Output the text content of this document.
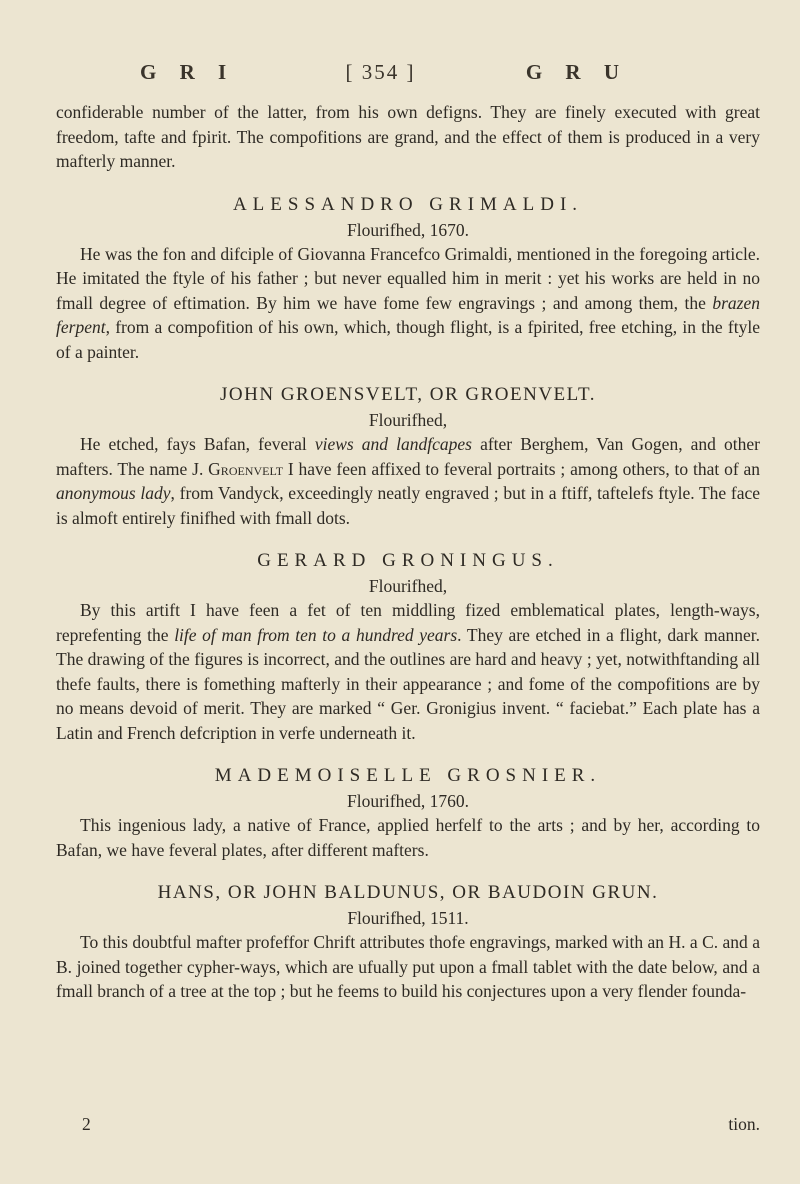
G R I	[ 354 ]	G R U

confiderable number of the latter, from his own defigns. They are finely executed with great freedom, tafte and fpirit. The compofitions are grand, and the effect of them is produced in a very mafterly manner.

ALESSANDRO GRIMALDI.
Flourifhed, 1670.

He was the fon and difciple of Giovanna Francefco Grimaldi, mentioned in the foregoing article. He imitated the ftyle of his father ; but never equalled him in merit : yet his works are held in no fmall degree of eftimation. By him we have fome few engravings ; and among them, the brazen ferpent, from a compofition of his own, which, though flight, is a fpirited, free etching, in the ftyle of a painter.

JOHN GROENSVELT, OR GROENVELT.
Flourifhed,

He etched, fays Bafan, feveral views and landfcapes after Berghem, Van Gogen, and other mafters. The name J. Groenvelt I have feen affixed to feveral portraits ; among others, to that of an anonymous lady, from Vandyck, exceedingly neatly engraved ; but in a ftiff, taftelefs ftyle. The face is almoft entirely finifhed with fmall dots.

GERARD GRONINGUS.
Flourifhed,

By this artift I have feen a fet of ten middling fized emblematical plates, length-ways, reprefenting the life of man from ten to a hundred years. They are etched in a flight, dark manner. The drawing of the figures is incorrect, and the outlines are hard and heavy ; yet, notwithftanding all thefe faults, there is fomething mafterly in their appearance ; and fome of the compofitions are by no means devoid of merit. They are marked “ Ger. Gronigius invent. “ faciebat.” Each plate has a Latin and French defcription in verfe underneath it.

MADEMOISELLE GROSNIER.
Flourifhed, 1760.

This ingenious lady, a native of France, applied herfelf to the arts ; and by her, according to Bafan, we have feveral plates, after different mafters.

HANS, OR JOHN BALDUNUS, OR BAUDOIN GRUN.
Flourifhed, 1511.

To this doubtful mafter profeffor Chrift attributes thofe engravings, marked with an H. a C. and a B. joined together cypher-ways, which are ufually put upon a fmall tablet with the date below, and a fmall branch of a tree at the top ; but he feems to build his conjectures upon a very flender founda-

2	tion.
